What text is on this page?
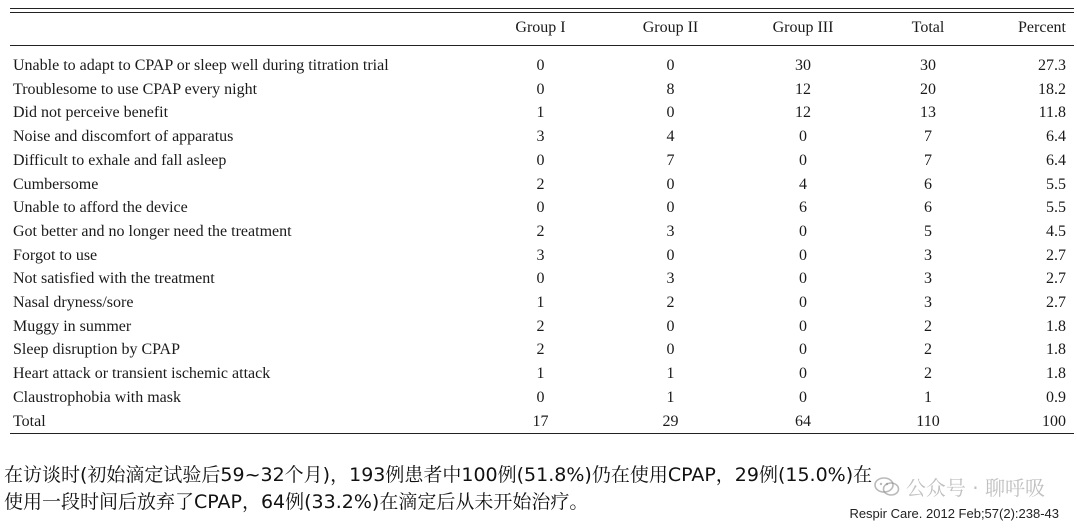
	Group I	Group II	Group III	Total	Percent
Unable to adapt to CPAP or sleep well during titration trial	0	0	30	30	27.3
Troublesome to use CPAP every night	0	8	12	20	18.2
Did not perceive benefit	1	0	12	13	11.8
Noise and discomfort of apparatus	3	4	0	7	6.4
Difficult to exhale and fall asleep	0	7	0	7	6.4
Cumbersome	2	0	4	6	5.5
Unable to afford the device	0	0	6	6	5.5
Got better and no longer need the treatment	2	3	0	5	4.5
Forgot to use	3	0	0	3	2.7
Not satisfied with the treatment	0	3	0	3	2.7
Nasal dryness/sore	1	2	0	3	2.7
Muggy in summer	2	0	0	2	1.8
Sleep disruption by CPAP	2	0	0	2	1.8
Heart attack or transient ischemic attack	1	1	0	2	1.8
Claustrophobia with mask	0	1	0	1	0.9
Total	17	29	64	110	100
在访谈时(初始滴定试验后59~32个月)，193例患者中100例(51.8%)仍在使用CPAP，29例(15.0%)在
使用一段时间后放弃了CPAP，64例(33.2%)在滴定后从未开始治疗。
公众号 · 聊呼吸
Respir Care. 2012 Feb;57(2):238-43
